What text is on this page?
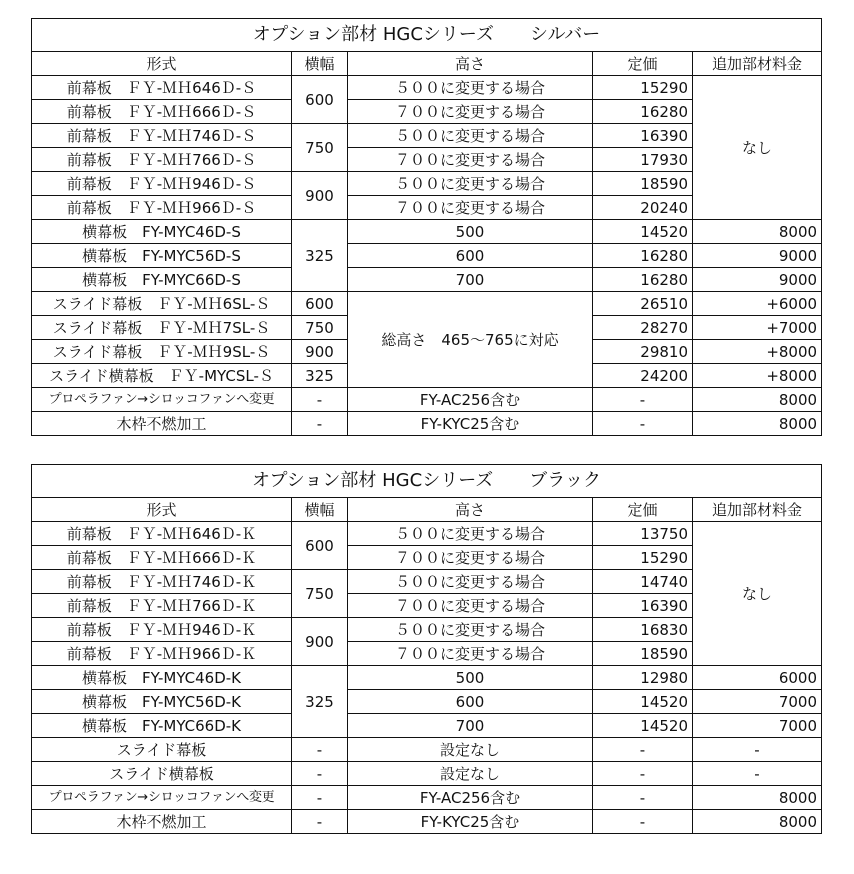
オプション部材 HGCシリーズ　　シルバー				
形式	横幅	高さ	定価	追加部材料金
前幕板　ＦＹ-ＭＨ646Ｄ-Ｓ	600	５００に変更する場合	15290	なし
前幕板　ＦＹ-ＭＨ666Ｄ-Ｓ		７００に変更する場合	16280	
前幕板　ＦＹ-ＭＨ746Ｄ-Ｓ	750	５００に変更する場合	16390	
前幕板　ＦＹ-ＭＨ766Ｄ-Ｓ		７００に変更する場合	17930	
前幕板　ＦＹ-ＭＨ946Ｄ-Ｓ	900	５００に変更する場合	18590	
前幕板　ＦＹ-ＭＨ966Ｄ-Ｓ		７００に変更する場合	20240	
横幕板　FY-MYC46D-S	325	500	14520	8000
横幕板　FY-MYC56D-S		600	16280	9000
横幕板　FY-MYC66D-S		700	16280	9000
スライド幕板　ＦＹ-ＭＨ6SL-Ｓ	600	総高さ　465～765に対応	26510	+6000
スライド幕板　ＦＹ-ＭＨ7SL-Ｓ	750		28270	+7000
スライド幕板　ＦＹ-ＭＨ9SL-Ｓ	900		29810	+8000
スライド横幕板　ＦＹ-MYCSL-Ｓ	325		24200	+8000
プロペラファン→シロッコファンへ変更	-	FY-AC256含む	-	8000
木枠不燃加工	-	FY-KYC25含む	-	8000
オプション部材 HGCシリーズ　　ブラック				
形式	横幅	高さ	定価	追加部材料金
前幕板　ＦＹ-ＭＨ646Ｄ-Ｋ	600	５００に変更する場合	13750	なし
前幕板　ＦＹ-ＭＨ666Ｄ-Ｋ		７００に変更する場合	15290	
前幕板　ＦＹ-ＭＨ746Ｄ-Ｋ	750	５００に変更する場合	14740	
前幕板　ＦＹ-ＭＨ766Ｄ-Ｋ		７００に変更する場合	16390	
前幕板　ＦＹ-ＭＨ946Ｄ-Ｋ	900	５００に変更する場合	16830	
前幕板　ＦＹ-ＭＨ966Ｄ-Ｋ		７００に変更する場合	18590	
横幕板　FY-MYC46D-K	325	500	12980	6000
横幕板　FY-MYC56D-K		600	14520	7000
横幕板　FY-MYC66D-K		700	14520	7000
スライド幕板	-	設定なし	-	-
スライド横幕板	-	設定なし	-	-
プロペラファン→シロッコファンへ変更	-	FY-AC256含む	-	8000
木枠不燃加工	-	FY-KYC25含む	-	8000
